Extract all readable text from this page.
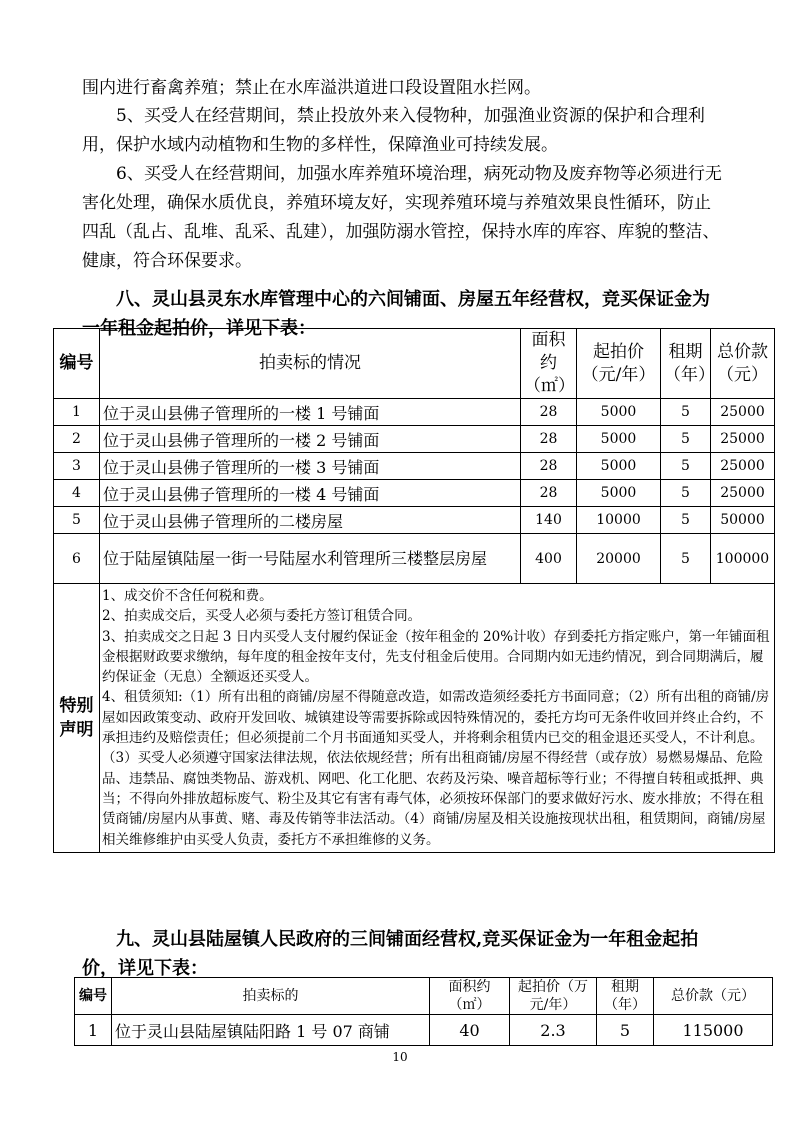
围内进行畜禽养殖；禁止在水库溢洪道进口段设置阻水拦网。

5、买受人在经营期间，禁止投放外来入侵物种，加强渔业资源的保护和合理利用，保护水域内动植物和生物的多样性，保障渔业可持续发展。

6、买受人在经营期间，加强水库养殖环境治理，病死动物及废弃物等必须进行无害化处理，确保水质优良，养殖环境友好，实现养殖环境与养殖效果良性循环，防止四乱（乱占、乱堆、乱采、乱建），加强防溺水管控，保持水库的库容、库貌的整洁、健康，符合环保要求。

八、灵山县灵东水库管理中心的六间铺面、房屋五年经营权，竞买保证金为一年租金起拍价，详见下表：

编号	拍卖标的情况	面积约（㎡）	起拍价（元/年）	租期（年）	总价款（元）
1	位于灵山县佛子管理所的一楼 1 号铺面	28	5000	5	25000
2	位于灵山县佛子管理所的一楼 2 号铺面	28	5000	5	25000
3	位于灵山县佛子管理所的一楼 3 号铺面	28	5000	5	25000
4	位于灵山县佛子管理所的一楼 4 号铺面	28	5000	5	25000
5	位于灵山县佛子管理所的二楼房屋	140	10000	5	50000
6	位于陆屋镇陆屋一街一号陆屋水利管理所三楼整层房屋	400	20000	5	100000
特别声明	1、成交价不含任何税和费。
2、拍卖成交后，买受人必须与委托方签订租赁合同。
3、拍卖成交之日起 3 日内买受人支付履约保证金（按年租金的 20%计收）存到委托方指定账户，第一年铺面租金根据财政要求缴纳，每年度的租金按年支付，先支付租金后使用。合同期内如无违约情况，到合同期满后，履约保证金（无息）全额返还买受人。
4、租赁须知:（1）所有出租的商铺/房屋不得随意改造，如需改造须经委托方书面同意；（2）所有出租的商铺/房屋如因政策变动、政府开发回收、城镇建设等需要拆除或因特殊情况的，委托方均可无条件收回并终止合约，不承担违约及赔偿责任；但必须提前二个月书面通知买受人，并将剩余租赁内已交的租金退还买受人，不计利息。（3）买受人必须遵守国家法律法规，依法依规经营；所有出租商铺/房屋不得经营（或存放）易燃易爆品、危险品、违禁品、腐蚀类物品、游戏机、网吧、化工化肥、农药及污染、噪音超标等行业；不得擅自转租或抵押、典当；不得向外排放超标废气、粉尘及其它有害有毒气体，必须按环保部门的要求做好污水、废水排放；不得在租赁商铺/房屋内从事黄、赌、毒及传销等非法活动。（4）商铺/房屋及相关设施按现状出租，租赁期间，商铺/房屋相关维修维护由买受人负责，委托方不承担维修的义务。				

九、灵山县陆屋镇人民政府的三间铺面经营权,竞买保证金为一年租金起拍价，详见下表：

编号	拍卖标的	面积约（㎡）	起拍价（万元/年）	租期（年）	总价款（元）
1	位于灵山县陆屋镇陆阳路 1 号 07 商铺	40	2.3	5	115000
10
